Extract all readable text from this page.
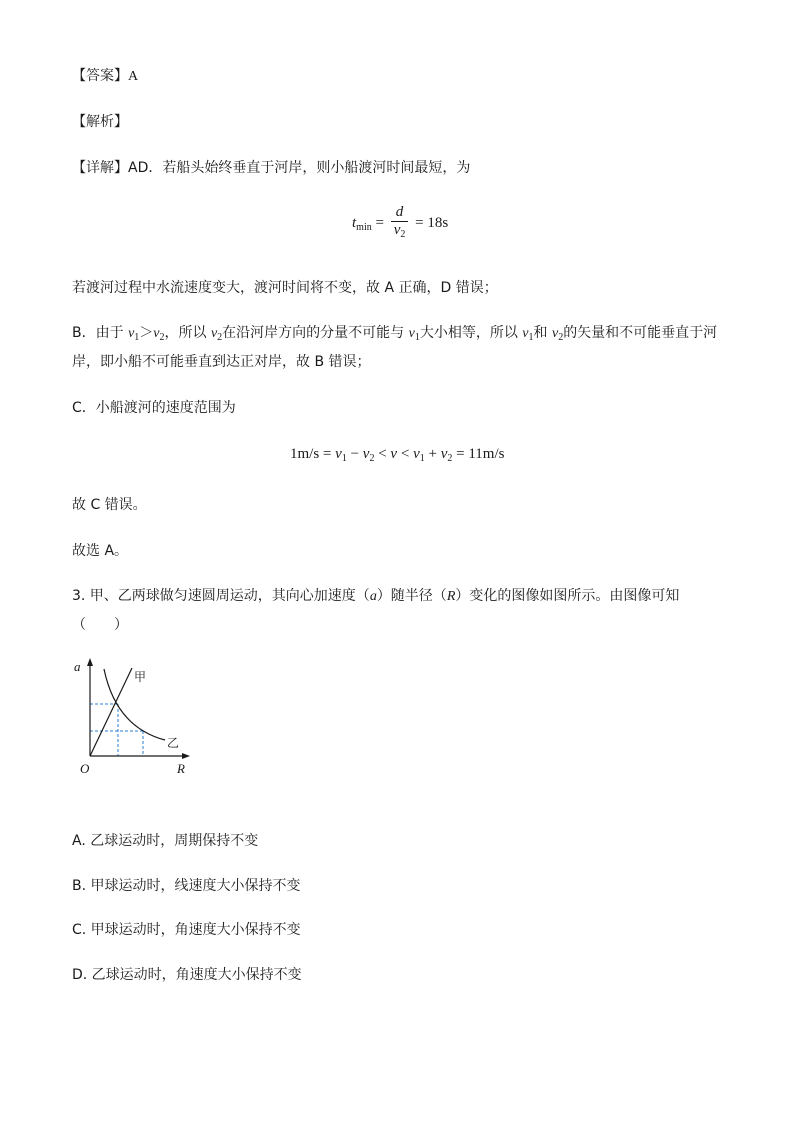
【答案】A
【解析】
【详解】AD．若船头始终垂直于河岸，则小船渡河时间最短，为
$t_{min} = \frac{d}{v_2} = 18s$
若渡河过程中水流速度变大，渡河时间将不变，故 A 正确，D 错误；
B．由于 $v_1>v_2$，所以 $v_2$在沿河岸方向的分量不可能与 $v_1$大小相等，所以 $v_1$和 $v_2$的矢量和不可能垂直于河
岸，即小船不可能垂直到达正对岸，故 B 错误；
C．小船渡河的速度范围为
$1m/s = v_1 - v_2 < v < v_1 + v_2 = 11m/s$
故 C 错误。
故选 A。
3. 甲、乙两球做匀速圆周运动，其向心加速度（a）随半径（R）变化的图像如图所示。由图像可知
（　　）
a
R
O
甲
乙
A. 乙球运动时，周期保持不变
B. 甲球运动时，线速度大小保持不变
C. 甲球运动时，角速度大小保持不变
D. 乙球运动时，角速度大小保持不变
